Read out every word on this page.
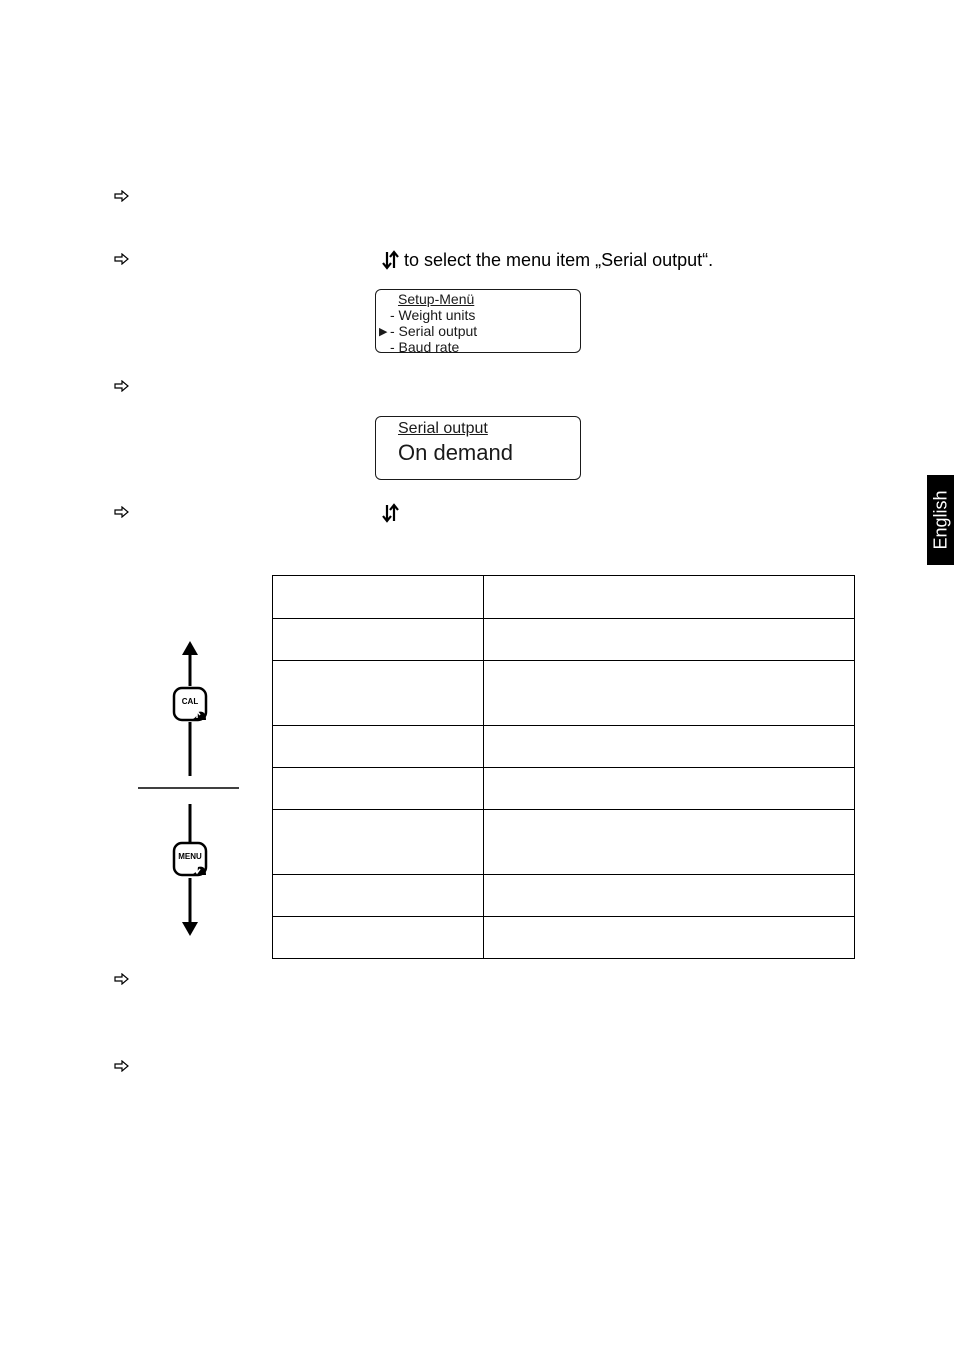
to select the menu item „Serial output“.
Setup-Menü
- Weight units
▶ - Serial output
- Baud rate
Serial output
On demand
CAL
MENU

English
